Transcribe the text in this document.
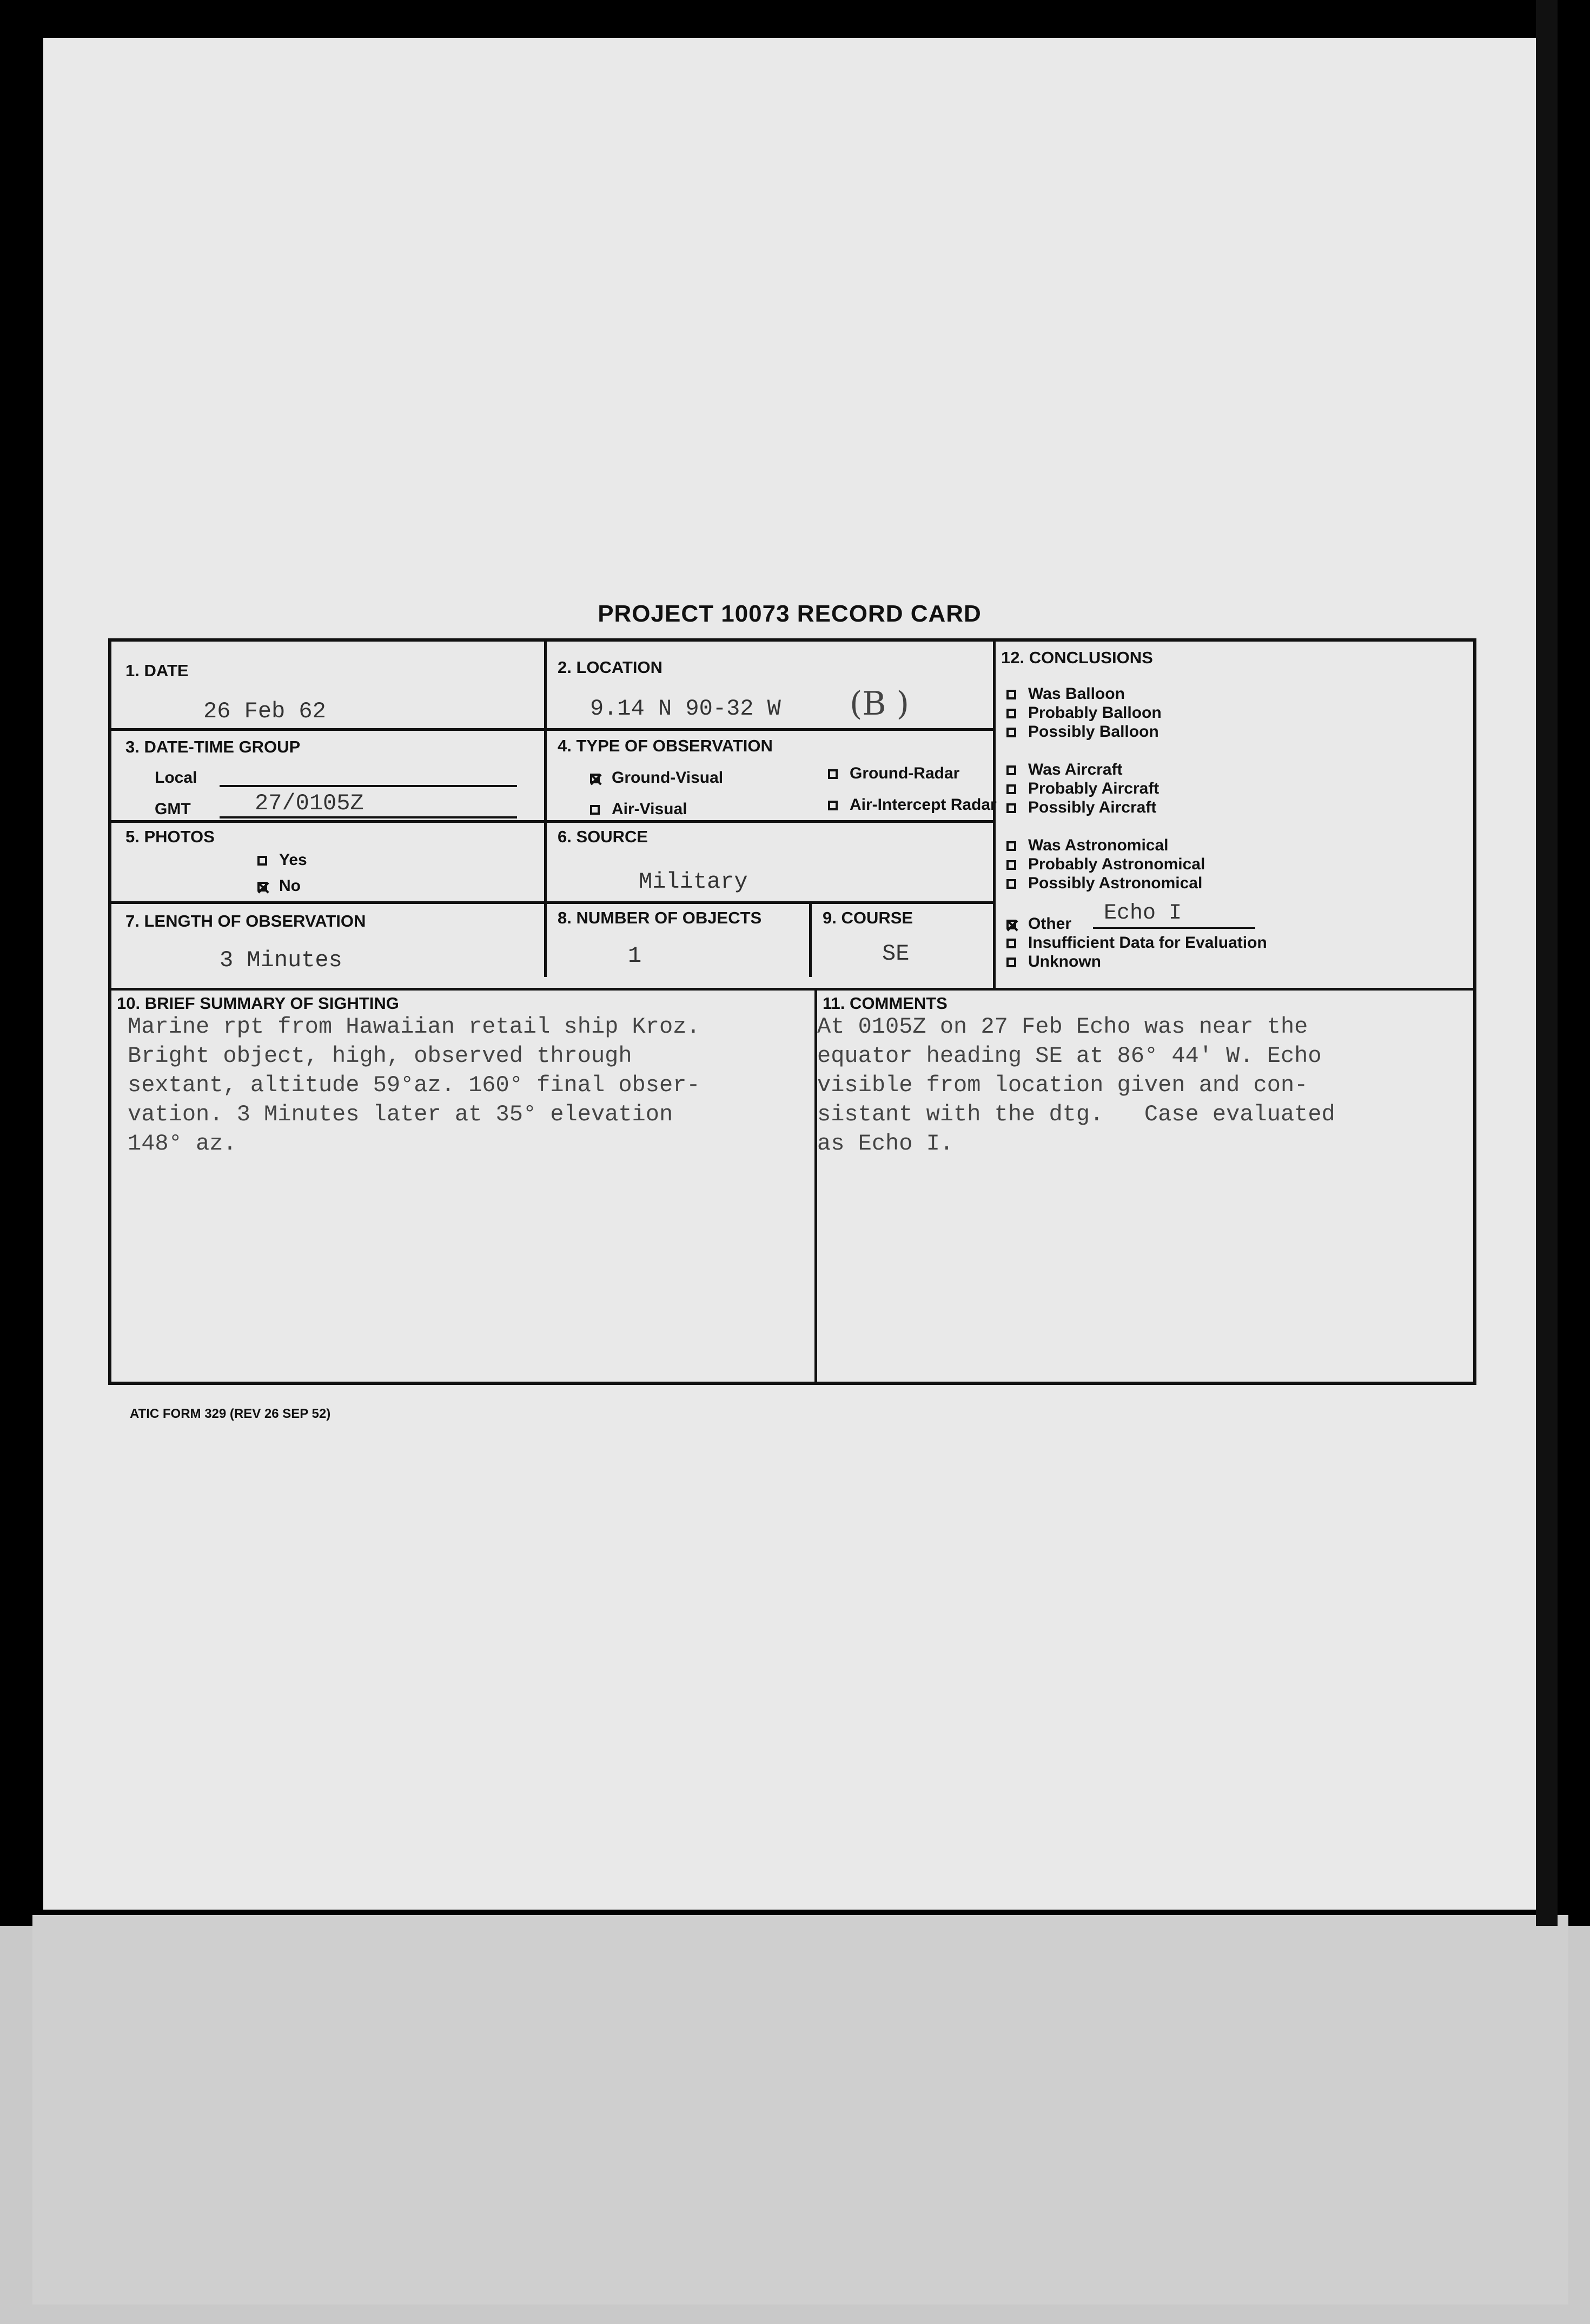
PROJECT 10073 RECORD CARD
1. DATE
26 Feb 62
2. LOCATION
9.14 N 90-32 W (B )
3. DATE-TIME GROUP
Local
GMT	27/0105Z
4. TYPE OF OBSERVATION
Ground-Visual	Ground-Radar
Air-Visual	Air-Intercept Radar
5. PHOTOS
Yes
No
6. SOURCE
Military
7. LENGTH OF OBSERVATION
3 Minutes
8. NUMBER OF OBJECTS
1
9. COURSE
SE
12. CONCLUSIONS
Was Balloon
Probably Balloon
Possibly Balloon
Was Aircraft
Probably Aircraft
Possibly Aircraft
Was Astronomical
Probably Astronomical
Possibly Astronomical
Other Echo I
Insufficient Data for Evaluation
Unknown
10. BRIEF SUMMARY OF SIGHTING
Marine rpt from Hawaiian retail ship Kroz.
Bright object, high, observed through
sextant, altitude 59°az. 160° final obser-
vation. 3 Minutes later at 35° elevation
148° az.
11. COMMENTS
At 0105Z on 27 Feb Echo was near the
equator heading SE at 86° 44' W. Echo
visible from location given and con-
sistant with the dtg.   Case evaluated
as Echo I.
ATIC FORM 329 (REV 26 SEP 52)
